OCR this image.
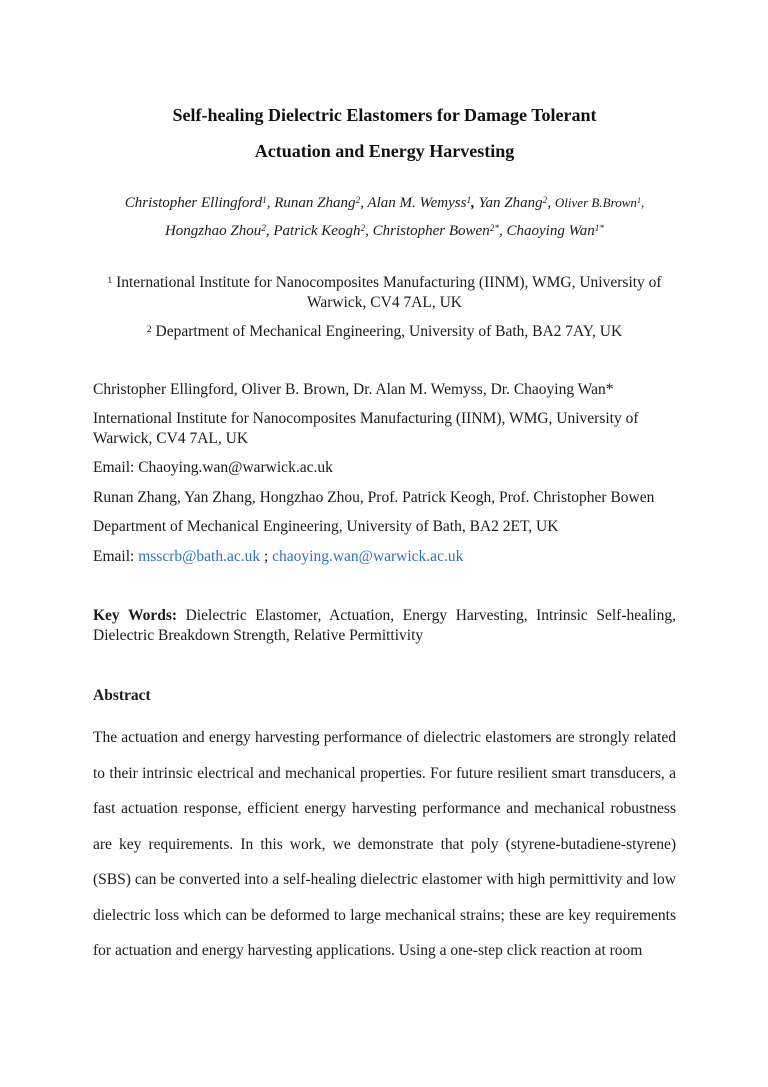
Self-healing Dielectric Elastomers for Damage Tolerant
Actuation and Energy Harvesting
Christopher Ellingford$^1$, Runan Zhang$^2$, Alan M. Wemyss$^1$, Yan Zhang$^2$, Oliver B.Brown$^1$,
Hongzhao Zhou$^2$, Patrick Keogh$^2$, Christopher Bowen$^{2*}$, Chaoying Wan$^{1*}$

$^1$ International Institute for Nanocomposites Manufacturing (IINM), WMG, University of Warwick, CV4 7AL, UK

$^2$ Department of Mechanical Engineering, University of Bath, BA2 7AY, UK

Christopher Ellingford, Oliver B. Brown, Dr. Alan M. Wemyss, Dr. Chaoying Wan*

International Institute for Nanocomposites Manufacturing (IINM), WMG, University of Warwick, CV4 7AL, UK

Email: Chaoying.wan@warwick.ac.uk

Runan Zhang, Yan Zhang, Hongzhao Zhou, Prof. Patrick Keogh, Prof. Christopher Bowen

Department of Mechanical Engineering, University of Bath, BA2 2ET, UK

Email: msscrb@bath.ac.uk ; chaoying.wan@warwick.ac.uk

Key Words: Dielectric Elastomer, Actuation, Energy Harvesting, Intrinsic Self-healing, Dielectric Breakdown Strength, Relative Permittivity

Abstract

The actuation and energy harvesting performance of dielectric elastomers are strongly related to their intrinsic electrical and mechanical properties. For future resilient smart transducers, a fast actuation response, efficient energy harvesting performance and mechanical robustness are key requirements. In this work, we demonstrate that poly (styrene-butadiene-styrene) (SBS) can be converted into a self-healing dielectric elastomer with high permittivity and low dielectric loss which can be deformed to large mechanical strains; these are key requirements for actuation and energy harvesting applications. Using a one-step click reaction at room
